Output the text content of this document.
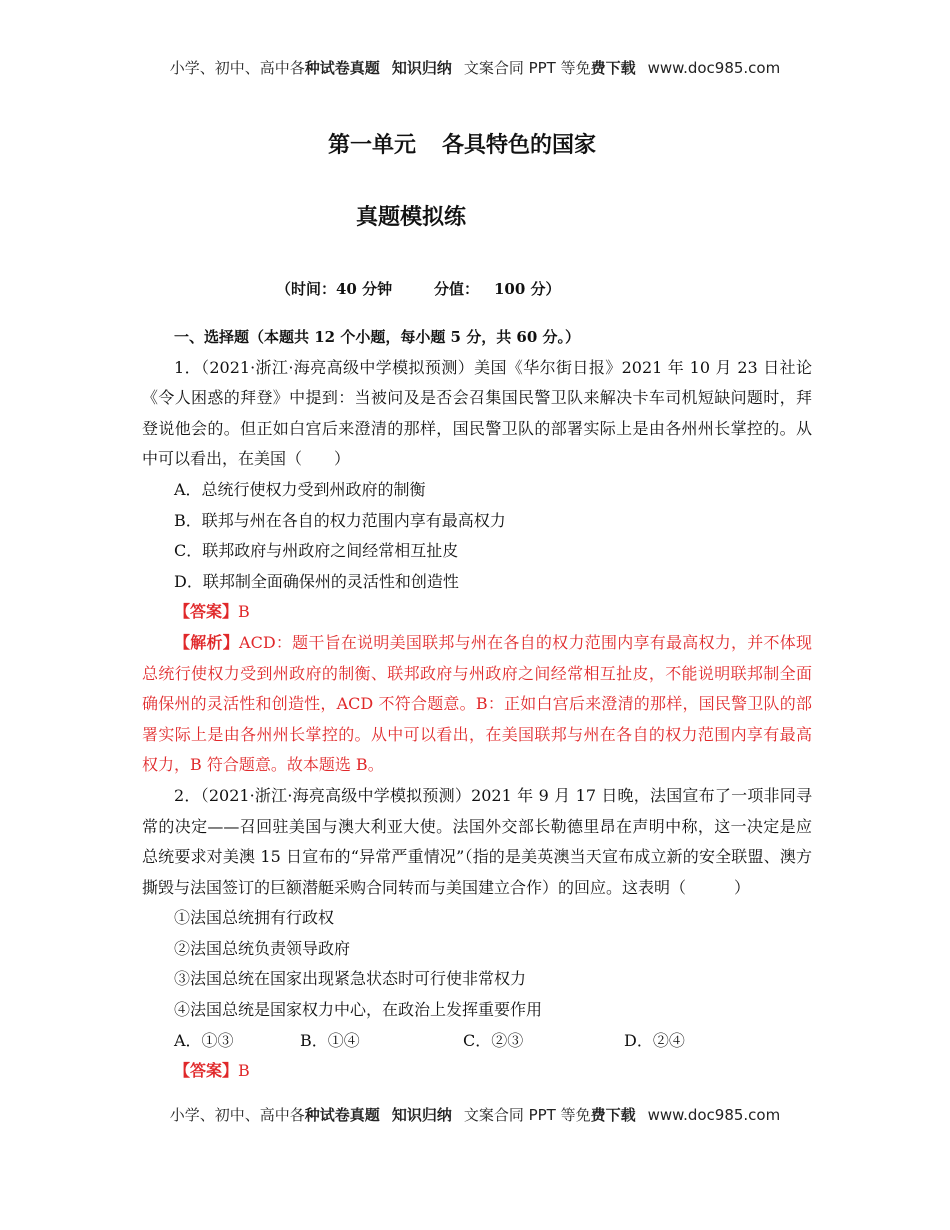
小学、初中、高中各种试卷真题 知识归纳 文案合同 PPT 等免费下载 www.doc985.com
第一单元 各具特色的国家
真题模拟练
（时间：40 分钟	分值： 100 分）

一、选择题（本题共 12 个小题，每小题 5 分，共 60 分。）

1．（2021·浙江·海亮高级中学模拟预测）美国《华尔街日报》2021 年 10 月 23 日社论《令人困惑的拜登》中提到：当被问及是否会召集国民警卫队来解决卡车司机短缺问题时，拜登说他会的。但正如白宫后来澄清的那样，国民警卫队的部署实际上是由各州州长掌控的。从中可以看出，在美国（　　）

A．总统行使权力受到州政府的制衡

B．联邦与州在各自的权力范围内享有最高权力

C．联邦政府与州政府之间经常相互扯皮

D．联邦制全面确保州的灵活性和创造性

【答案】B

【解析】ACD：题干旨在说明美国联邦与州在各自的权力范围内享有最高权力，并不体现总统行使权力受到州政府的制衡、联邦政府与州政府之间经常相互扯皮，不能说明联邦制全面确保州的灵活性和创造性，ACD 不符合题意。B：正如白宫后来澄清的那样，国民警卫队的部署实际上是由各州州长掌控的。从中可以看出，在美国联邦与州在各自的权力范围内享有最高权力，B 符合题意。故本题选 B。

2．（2021·浙江·海亮高级中学模拟预测）2021 年 9 月 17 日晚，法国宣布了一项非同寻常的决定——召回驻美国与澳大利亚大使。法国外交部长勒德里昂在声明中称，这一决定是应总统要求对美澳 15 日宣布的“异常严重情况”（指的是美英澳当天宣布成立新的安全联盟、澳方撕毁与法国签订的巨额潜艇采购合同转而与美国建立合作）的回应。这表明（　　　）

①法国总统拥有行政权

②法国总统负责领导政府

③法国总统在国家出现紧急状态时可行使非常权力

④法国总统是国家权力中心，在政治上发挥重要作用

A．①③	B．①④	C．②③	D．②④

【答案】B

小学、初中、高中各种试卷真题 知识归纳 文案合同 PPT 等免费下载 www.doc985.com
